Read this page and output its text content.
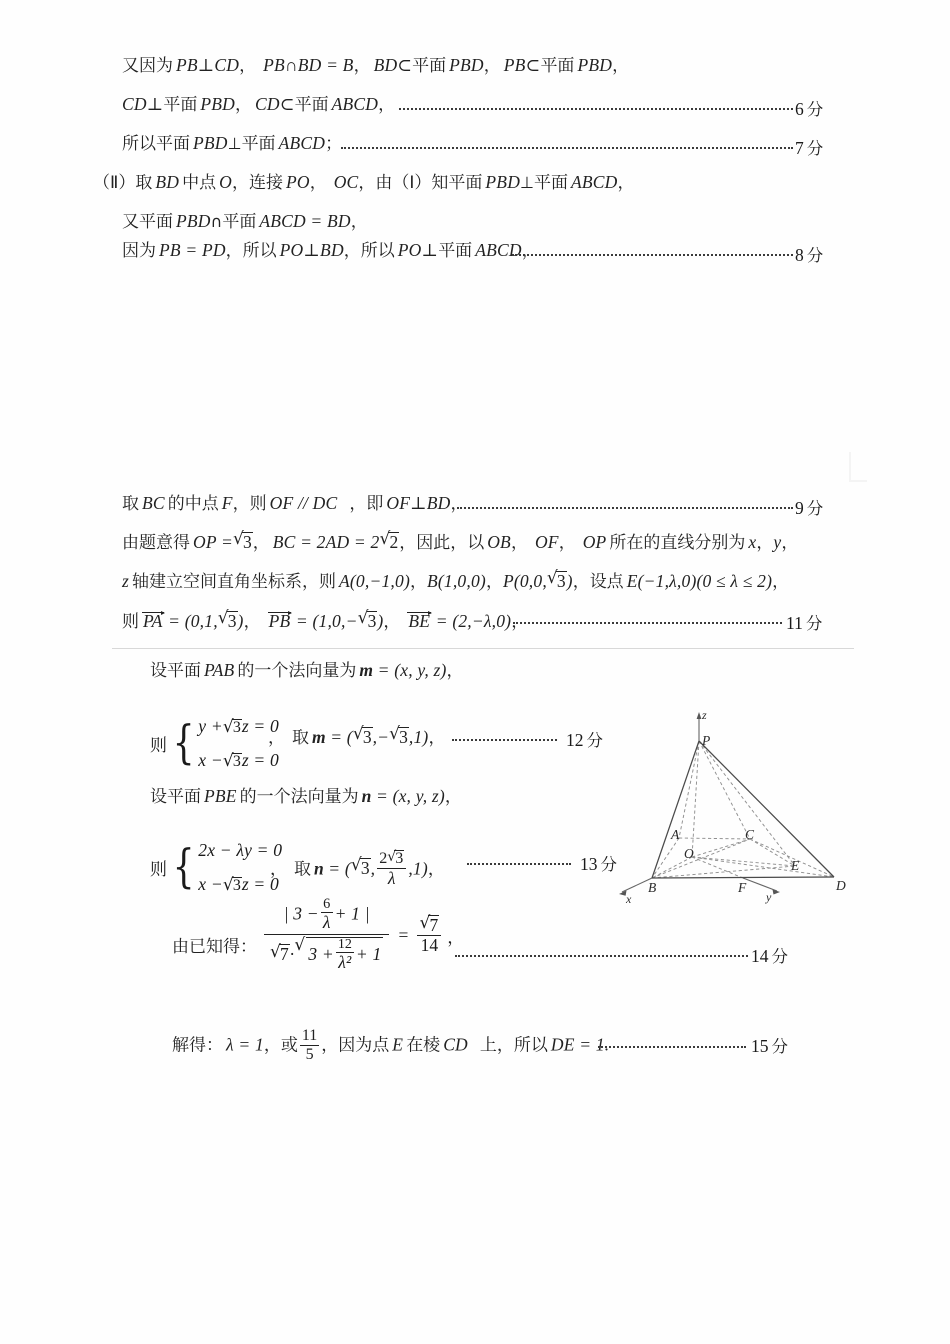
又因为 PB⊥CD， PB∩BD = B， BD⊂平面 PBD， PB⊂平面 PBD，
CD⊥平面 PBD， CD⊂平面 ABCD，	6 分
所以平面 PBD⊥平面 ABCD；	7 分
（Ⅱ）取 BD 中点 O，连接 PO， OC，由（Ⅰ）知平面 PBD⊥平面 ABCD，
又平面 PBD∩平面 ABCD = BD，
因为 PB = PD，所以 PO⊥BD，所以 PO⊥平面 ABCD，	8 分
取 BC 的中点 F，则 OF // DC ，即 OF⊥BD，	9 分
由题意得 OP = √ 3， BC = 2AD = 2 √ 2，因此，以 OB， OF， OP 所在的直线分别为 x，y，
z 轴建立空间直角坐标系，则 A(0,−1,0)，B(1,0,0)，P(0,0, √ 3)，设点 E(−1,λ,0)(0 ≤ λ ≤ 2)，
则 PA = (0,1, √ 3)， PB = (1,0,− √ 3)， BE = (2,−λ,0)，	11 分
设平面 PAB 的一个法向量为 m = (x, y, z)，
则 { y + √ 3z = 0
x − √ 3z = 0
， 取 m = ( √ 3,− √ 3,1)，	12 分
设平面 PBE 的一个法向量为 n = (x, y, z)，
则 { 2x − λy = 0
x − √ 3z = 0
， 取 n = ( √ 3, $\frac{2 √ 3}{\lambda} ,1$)，	13 分
由已知得： | $3 - \frac{6}{\lambda} + 1$ |
√ 7· √ $3 + \frac{12}{\text{λ²}} + 1$ = √ $\frac{7}{14}$ ，
14 分
解得： λ = 1，或 $\frac{11}{5}$ ，因为点 E 在棱 CD 上，所以 DE = 1.	15 分
z
P
A	C
O
E
B	F	D
x	y
